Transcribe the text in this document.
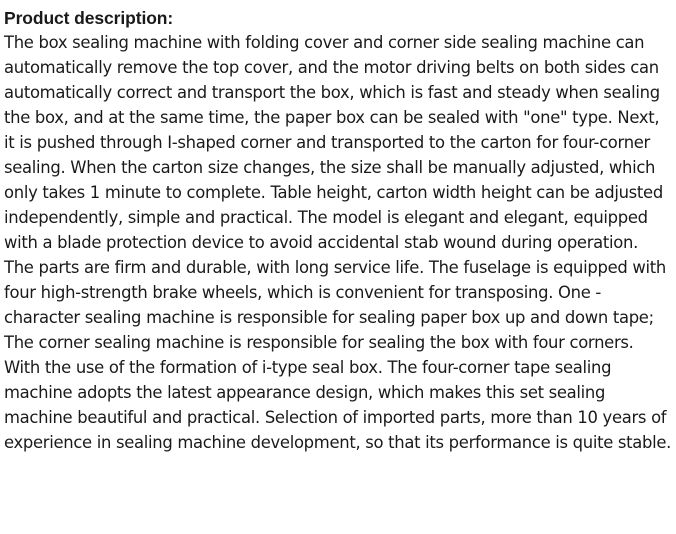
Product description:

The box sealing machine with folding cover and corner side sealing machine can automatically remove the top cover, and the motor driving belts on both sides can automatically correct and transport the box, which is fast and steady when sealing the box, and at the same time, the paper box can be sealed with "one" type. Next, it is pushed through I-shaped corner and transported to the carton for four-corner sealing. When the carton size changes, the size shall be manually adjusted, which only takes 1 minute to complete. Table height, carton width height can be adjusted independently, simple and practical. The model is elegant and elegant, equipped with a blade protection device to avoid accidental stab wound during operation. The parts are firm and durable, with long service life. The fuselage is equipped with four high-strength brake wheels, which is convenient for transposing. One - character sealing machine is responsible for sealing paper box up and down tape; The corner sealing machine is responsible for sealing the box with four corners. With the use of the formation of i-type seal box. The four-corner tape sealing machine adopts the latest appearance design, which makes this set sealing machine beautiful and practical. Selection of imported parts, more than 10 years of experience in sealing machine development, so that its performance is quite stable.
